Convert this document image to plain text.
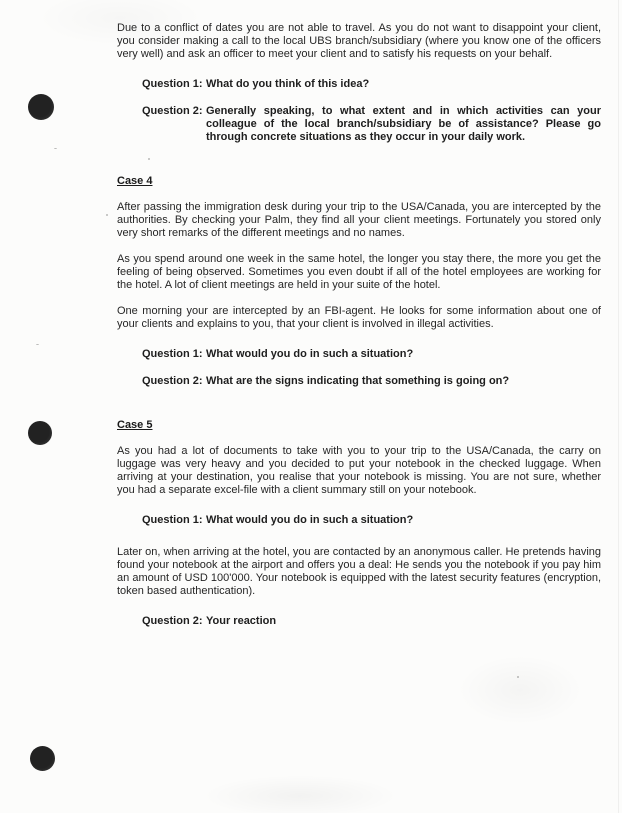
Due to a conflict of dates you are not able to travel. As you do not want to disappoint your client, you consider making a call to the local UBS branch/subsidiary (where you know one of the officers very well) and ask an officer to meet your client and to satisfy his requests on your behalf.

Question 1: What do you think of this idea?
Question 2: Generally speaking, to what extent and in which activities can your colleague of the local branch/subsidiary be of assistance? Please go through concrete situations as they occur in your daily work.
Case 4

After passing the immigration desk during your trip to the USA/Canada, you are intercepted by the authorities. By checking your Palm, they find all your client meetings. Fortunately you stored only very short remarks of the different meetings and no names.

As you spend around one week in the same hotel, the longer you stay there, the more you get the feeling of being observed. Sometimes you even doubt if all of the hotel employees are working for the hotel. A lot of client meetings are held in your suite of the hotel.

One morning your are intercepted by an FBI-agent. He looks for some information about one of your clients and explains to you, that your client is involved in illegal activities.

Question 1: What would you do in such a situation?
Question 2: What are the signs indicating that something is going on?
Case 5

As you had a lot of documents to take with you to your trip to the USA/Canada, the carry on luggage was very heavy and you decided to put your notebook in the checked luggage. When arriving at your destination, you realise that your notebook is missing. You are not sure, whether you had a separate excel-file with a client summary still on your notebook.

Question 1: What would you do in such a situation?

Later on, when arriving at the hotel, you are contacted by an anonymous caller. He pretends having found your notebook at the airport and offers you a deal: He sends you the notebook if you pay him an amount of USD 100'000. Your notebook is equipped with the latest security features (encryption, token based authentication).

Question 2: Your reaction
